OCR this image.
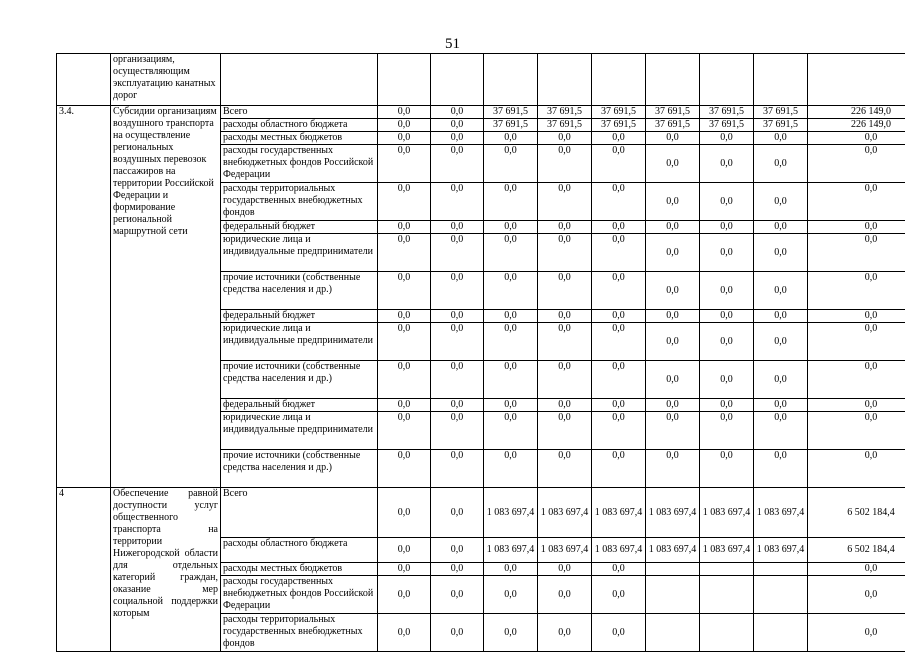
51
	организациям, осуществляющим эксплуатацию канатных дорог										
3.4.	Субсидии организациям воздушного транспорта на осуществление региональных воздушных перевозок пассажиров на территории Российской Федерации и формирование региональной маршрутной сети	Всего	0,0	0,0	37 691,5	37 691,5	37 691,5	37 691,5	37 691,5	37 691,5	226 149,0
		расходы областного бюджета	0,0	0,0	37 691,5	37 691,5	37 691,5	37 691,5	37 691,5	37 691,5	226 149,0
		расходы местных бюджетов	0,0	0,0	0,0	0,0	0,0	0,0	0,0	0,0	0,0
		расходы государственных внебюджетных фондов Российской Федерации	0,0	0,0	0,0	0,0	0,0	0,0	0,0	0,0	0,0
		расходы территориальных государственных внебюджетных фондов	0,0	0,0	0,0	0,0	0,0	0,0	0,0	0,0	0,0
		федеральный бюджет	0,0	0,0	0,0	0,0	0,0	0,0	0,0	0,0	0,0
		юридические лица и индивидуальные предприниматели	0,0	0,0	0,0	0,0	0,0	0,0	0,0	0,0	0,0
		прочие источники (собственные средства населения и др.)	0,0	0,0	0,0	0,0	0,0	0,0	0,0	0,0	0,0
		федеральный бюджет	0,0	0,0	0,0	0,0	0,0	0,0	0,0	0,0	0,0
		юридические лица и индивидуальные предприниматели	0,0	0,0	0,0	0,0	0,0	0,0	0,0	0,0	0,0
		прочие источники (собственные средства населения и др.)	0,0	0,0	0,0	0,0	0,0	0,0	0,0	0,0	0,0
		федеральный бюджет	0,0	0,0	0,0	0,0	0,0	0,0	0,0	0,0	0,0
		юридические лица и индивидуальные предприниматели	0,0	0,0	0,0	0,0	0,0	0,0	0,0	0,0	0,0
		прочие источники (собственные средства населения и др.)	0,0	0,0	0,0	0,0	0,0	0,0	0,0	0,0	0,0
4	Обеспечение равной доступности услуг общественного транспорта на территории Нижегородской области для отдельных категорий граждан, оказание мер социальной поддержки которым	Всего	0,0	0,0	1 083 697,4	1 083 697,4	1 083 697,4	1 083 697,4	1 083 697,4	1 083 697,4	6 502 184,4
		расходы областного бюджета	0,0	0,0	1 083 697,4	1 083 697,4	1 083 697,4	1 083 697,4	1 083 697,4	1 083 697,4	6 502 184,4
		расходы местных бюджетов	0,0	0,0	0,0	0,0	0,0				0,0
		расходы государственных внебюджетных фондов Российской Федерации	0,0	0,0	0,0	0,0	0,0				0,0
		расходы территориальных государственных внебюджетных фондов	0,0	0,0	0,0	0,0	0,0				0,0
